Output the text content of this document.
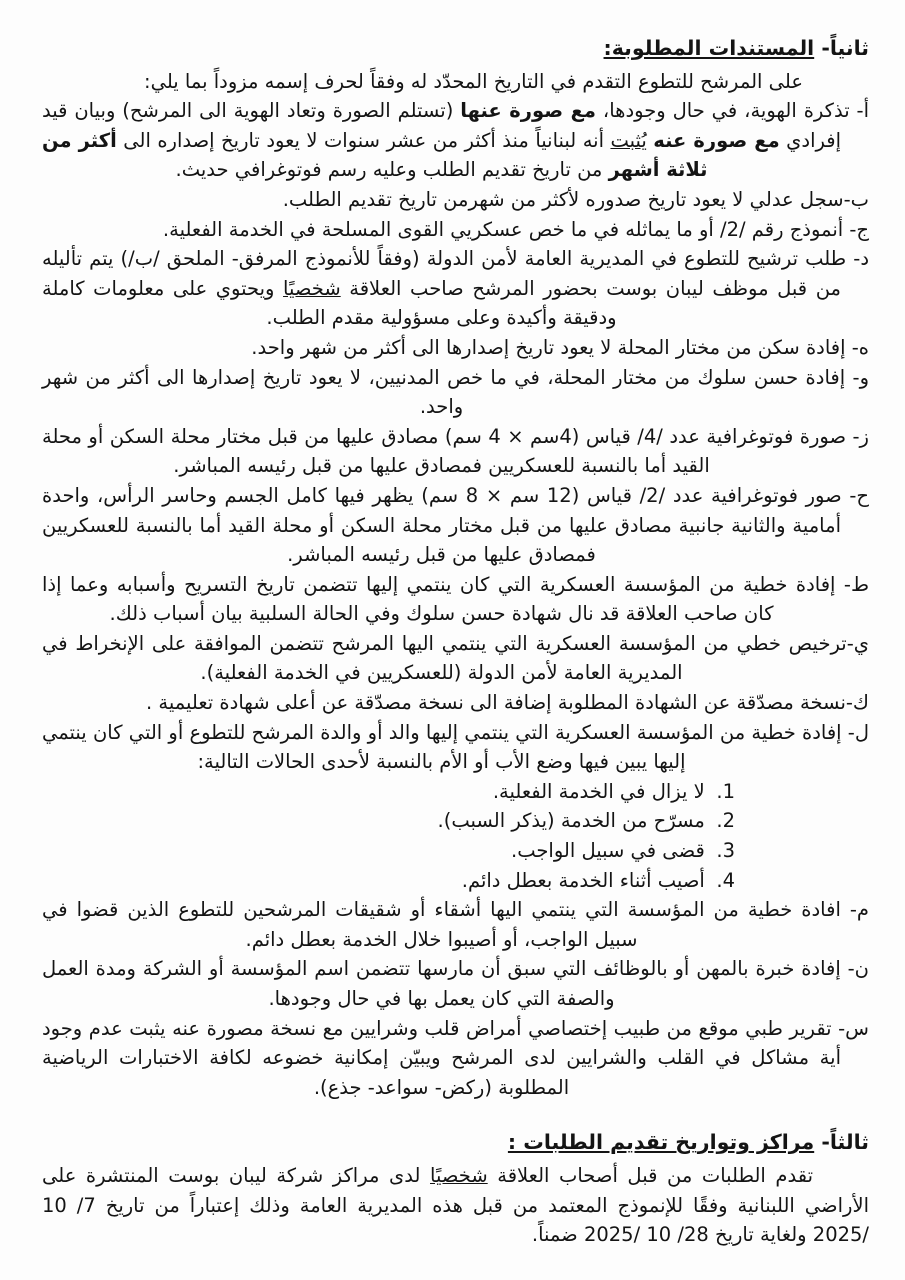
ثانياً- المستندات المطلوبة:

على المرشح للتطوع التقدم في التاريخ المحدّد له وفقاً لحرف إسمه مزوداً بما يلي:

أ- تذكرة الهوية، في حال وجودها، مع صورة عنها (تستلم الصورة وتعاد الهوية الى المرشح) وبيان قيد إفرادي مع صورة عنه يُثبت أنه لبنانياً منذ أكثر من عشر سنوات لا يعود تاريخ إصداره الى أكثر من ثلاثة أشهر من تاريخ تقديم الطلب وعليه رسم فوتوغرافي حديث.

ب-سجل عدلي لا يعود تاريخ صدوره لأكثر من شهرمن تاريخ تقديم الطلب.

ج- أنموذج رقم /2/ أو ما يماثله في ما خص عسكريي القوى المسلحة في الخدمة الفعلية.

د- طلب ترشيح للتطوع في المديرية العامة لأمن الدولة (وفقاً للأنموذج المرفق- الملحق /ب/) يتم تأليله من قبل موظف ليبان بوست بحضور المرشح صاحب العلاقة شخصيًا ويحتوي على معلومات كاملة ودقيقة وأكيدة وعلى مسؤولية مقدم الطلب.

ه- إفادة سكن من مختار المحلة لا يعود تاريخ إصدارها الى أكثر من شهر واحد.

و- إفادة حسن سلوك من مختار المحلة، في ما خص المدنيين، لا يعود تاريخ إصدارها الى أكثر من شهر واحد.

ز- صورة فوتوغرافية عدد /4/ قياس (4سم × 4 سم) مصادق عليها من قبل مختار محلة السكن أو محلة القيد أما بالنسبة للعسكريين فمصادق عليها من قبل رئيسه المباشر.

ح- صور فوتوغرافية عدد /2/ قياس (12 سم × 8 سم) يظهر فيها كامل الجسم وحاسر الرأس، واحدة أمامية والثانية جانبية مصادق عليها من قبل مختار محلة السكن أو محلة القيد أما بالنسبة للعسكريين فمصادق عليها من قبل رئيسه المباشر.

ط- إفادة خطية من المؤسسة العسكرية التي كان ينتمي إليها تتضمن تاريخ التسريح وأسبابه وعما إذا كان صاحب العلاقة قد نال شهادة حسن سلوك وفي الحالة السلبية بيان أسباب ذلك.

ي-ترخيص خطي من المؤسسة العسكرية التي ينتمي اليها المرشح تتضمن الموافقة على الإنخراط في المديرية العامة لأمن الدولة (للعسكريين في الخدمة الفعلية).

ك-نسخة مصدّقة عن الشهادة المطلوبة إضافة الى نسخة مصدّقة عن أعلى شهادة تعليمية .

ل- إفادة خطية من المؤسسة العسكرية التي ينتمي إليها والد أو والدة المرشح للتطوع أو التي كان ينتمي إليها يبين فيها وضع الأب أو الأم بالنسبة لأحدى الحالات التالية:

1. لا يزال في الخدمة الفعلية.

2. مسرّح من الخدمة (يذكر السبب).

3. قضى في سبيل الواجب.

4. أصيب أثناء الخدمة بعطل دائم.

م- افادة خطية من المؤسسة التي ينتمي اليها أشقاء أو شقيقات المرشحين للتطوع الذين قضوا في سبيل الواجب، أو أصيبوا خلال الخدمة بعطل دائم.

ن- إفادة خبرة بالمهن أو بالوظائف التي سبق أن مارسها تتضمن اسم المؤسسة أو الشركة ومدة العمل والصفة التي كان يعمل بها في حال وجودها.

س- تقرير طبي موقع من طبيب إختصاصي أمراض قلب وشرايين مع نسخة مصورة عنه يثبت عدم وجود أية مشاكل في القلب والشرايين لدى المرشح ويبيّن إمكانية خضوعه لكافة الاختبارات الرياضية المطلوبة (ركض- سواعد- جذع).

ثالثاً- مراكز وتواريخ تقديم الطلبات :

تقدم الطلبات من قبل أصحاب العلاقة شخصيًا لدى مراكز شركة ليبان بوست المنتشرة على الأراضي اللبنانية وفقًا للإنموذج المعتمد من قبل هذه المديرية العامة وذلك إعتباراً من تاريخ 7/ 10 /2025 ولغاية تاريخ 28/ 10 /2025 ضمناً.
